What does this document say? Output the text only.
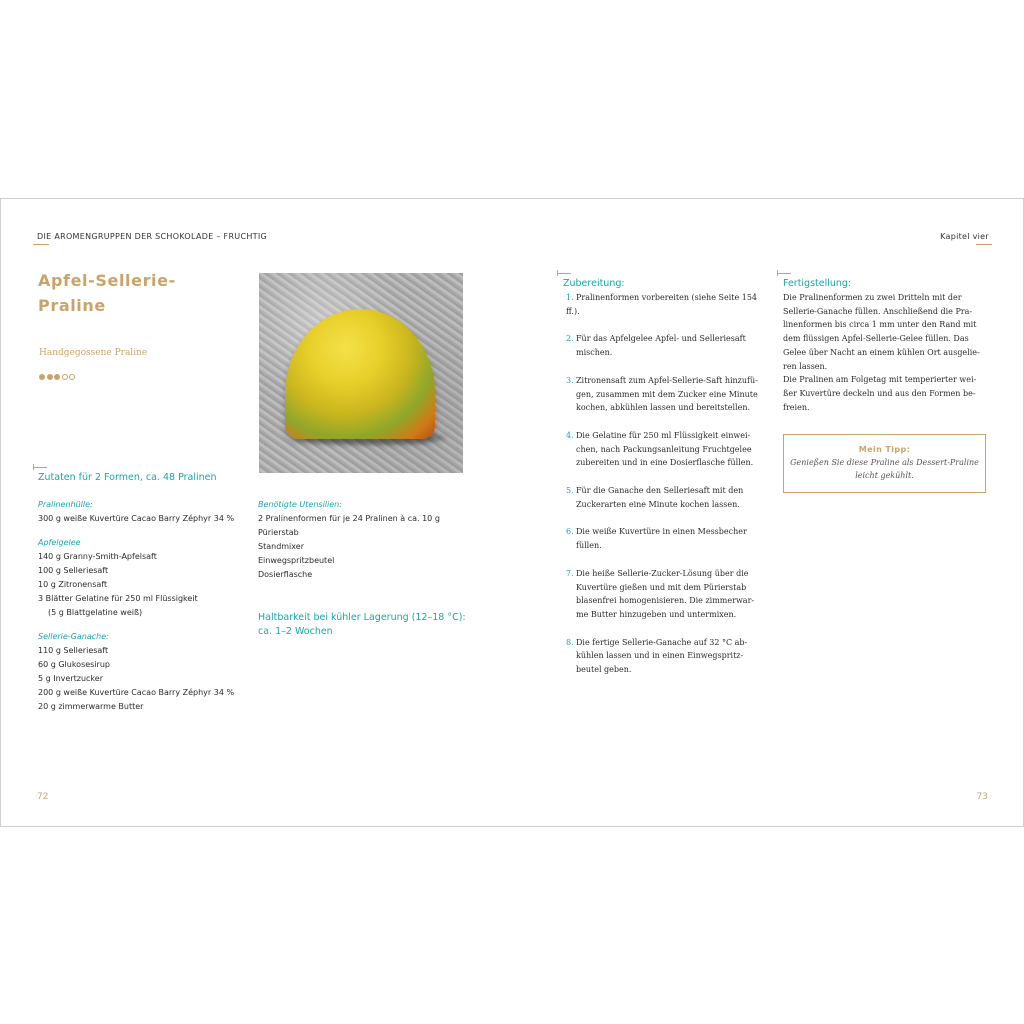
DIE AROMENGRUPPEN DER SCHOKOLADE – FRUCHTIG	Kapitel vier
Apfel-Sellerie-
Praline
Handgegossene Praline
Zutaten für 2 Formen, ca. 48 Pralinen
Pralinenhülle:
300 g weiße Kuvertüre Cacao Barry Zéphyr 34 %
Apfelgelee
140 g Granny-Smith-Apfelsaft
100 g Selleriesaft
10 g Zitronensaft
3 Blätter Gelatine für 250 ml Flüssigkeit
(5 g Blattgelatine weiß)
Sellerie-Ganache:
110 g Selleriesaft
60 g Glukosesirup
5 g Invertzucker
200 g weiße Kuvertüre Cacao Barry Zéphyr 34 %
20 g zimmerwarme Butter
Benötigte Utensilien:
2 Pralinenformen für je 24 Pralinen à ca. 10 g
Pürierstab
Standmixer
Einwegspritzbeutel
Dosierflasche
Haltbarkeit bei kühler Lagerung (12–18 °C):
ca. 1–2 Wochen
Zubereitung:
1. Pralinenformen vorbereiten (siehe Seite 154 ff.).
2. Für das Apfelgelee Apfel- und Selleriesaft
mischen.
3. Zitronensaft zum Apfel-Sellerie-Saft hinzufü-
gen, zusammen mit dem Zucker eine Minute
kochen, abkühlen lassen und bereitstellen.
4. Die Gelatine für 250 ml Flüssigkeit einwei-
chen, nach Packungsanleitung Fruchtgelee
zubereiten und in eine Dosierflasche füllen.
5. Für die Ganache den Selleriesaft mit den
Zuckerarten eine Minute kochen lassen.
6. Die weiße Kuvertüre in einen Messbecher
füllen.
7. Die heiße Sellerie-Zucker-Lösung über die
Kuvertüre gießen und mit dem Pürierstab
blasenfrei homogenisieren. Die zimmerwar-
me Butter hinzugeben und untermixen.
8. Die fertige Sellerie-Ganache auf 32 °C ab-
kühlen lassen und in einen Einwegspritz-
beutel geben.
Fertigstellung:
Die Pralinenformen zu zwei Dritteln mit der
Sellerie-Ganache füllen. Anschließend die Pra-
linenformen bis circa 1 mm unter den Rand mit
dem flüssigen Apfel-Sellerie-Gelee füllen. Das
Gelee über Nacht an einem kühlen Ort ausgelie-
ren lassen.
Die Pralinen am Folgetag mit temperierter wei-
ßer Kuvertüre deckeln und aus den Formen be-
freien.
Mein Tipp:
Genießen Sie diese Praline als Dessert-Praline
leicht gekühlt.
72	73
